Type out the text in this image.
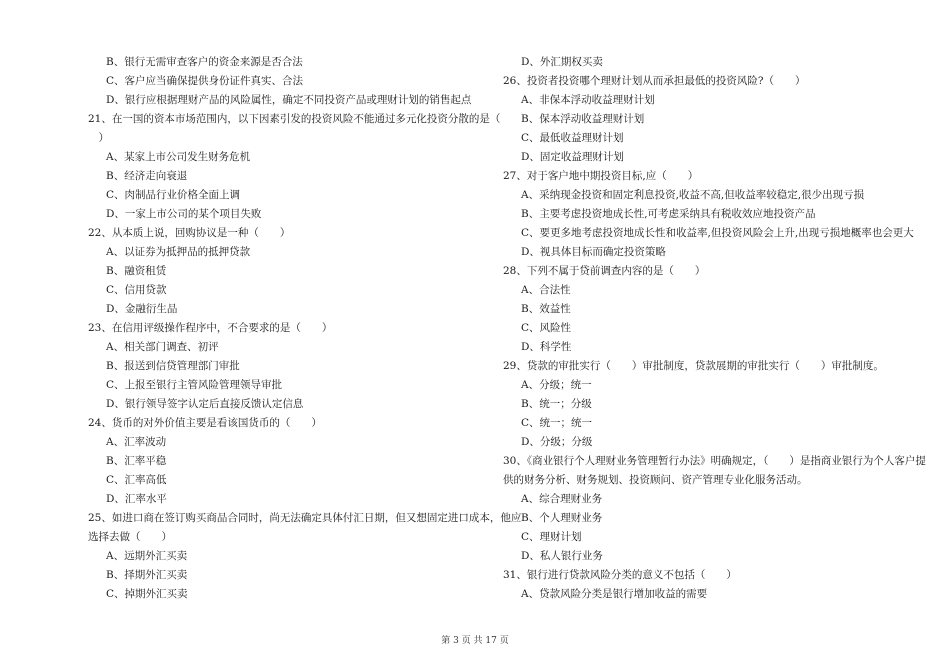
B、银行无需审查客户的资金来源是否合法
C、客户应当确保提供身份证件真实、合法
D、银行应根据理财产品的风险属性，确定不同投资产品或理财计划的销售起点
21、在一国的资本市场范围内，以下因素引发的投资风险不能通过多元化投资分散的是（
　）
A、某家上市公司发生财务危机
B、经济走向衰退
C、肉制品行业价格全面上调
D、一家上市公司的某个项目失败
22、从本质上说，回购协议是一种（　　）
A、以证券为抵押品的抵押贷款
B、融资租赁
C、信用贷款
D、金融衍生品
23、在信用评级操作程序中，不合要求的是（　　）
A、相关部门调查、初评
B、报送到信贷管理部门审批
C、上报至银行主管风险管理领导审批
D、银行领导签字认定后直接反馈认定信息
24、货币的对外价值主要是看该国货币的（　　）
A、汇率波动
B、汇率平稳
C、汇率高低
D、汇率水平
25、如进口商在签订购买商品合同时，尚无法确定具体付汇日期，但又想固定进口成本，他应
选择去做（　　）
A、远期外汇买卖
B、择期外汇买卖
C、掉期外汇买卖
D、外汇期权买卖
26、投资者投资哪个理财计划从而承担最低的投资风险?（　　）
A、非保本浮动收益理财计划
B、保本浮动收益理财计划
C、最低收益理财计划
D、固定收益理财计划
27、对于客户地中期投资目标,应（　　）
A、采纳现金投资和固定利息投资,收益不高,但收益率较稳定,很少出现亏损
B、主要考虑投资地成长性,可考虑采纳具有税收效应地投资产品
C、要更多地考虑投资地成长性和收益率,但投资风险会上升,出现亏损地概率也会更大
D、视具体目标而确定投资策略
28、下列不属于贷前调查内容的是（　　）
A、合法性
B、效益性
C、风险性
D、科学性
29、贷款的审批实行（　　）审批制度，贷款展期的审批实行（　　）审批制度。
A、分级；统一
B、统一；分级
C、统一；统一
D、分级；分级
30、《商业银行个人理财业务管理暂行办法》明确规定，（　　）是指商业银行为个人客户提
供的财务分析、财务规划、投资顾问、资产管理专业化服务活动。
A、综合理财业务
B、个人理财业务
C、理财计划
D、私人银行业务
31、银行进行贷款风险分类的意义不包括（　　）
A、贷款风险分类是银行增加收益的需要
第 3 页 共 17 页
